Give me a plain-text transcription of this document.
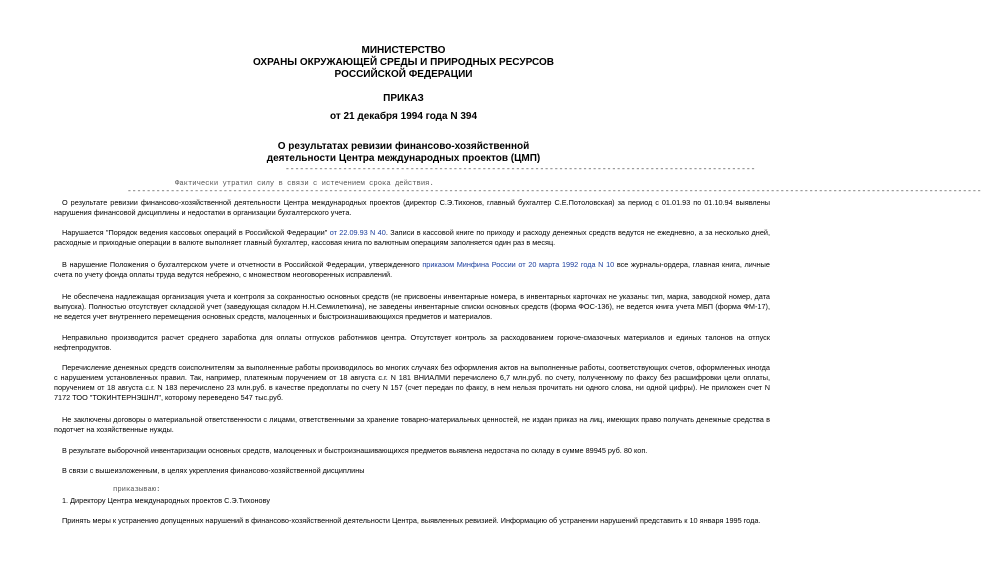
МИНИСТЕРСТВО
ОХРАНЫ ОКРУЖАЮЩЕЙ СРЕДЫ И ПРИРОДНЫХ РЕСУРСОВ
РОССИЙСКОЙ ФЕДЕРАЦИИ
ПРИКАЗ
от 21 декабря 1994 года N 394
О результатах ревизии финансово-хозяйственной
деятельности Центра международных проектов (ЦМП)
--------------------------------------------------------------------------------------------------
Фактически утратил силу в связи с истечением срока действия.
----------------------------------------------------------------------------------------------------------------------------------------------------------------------------------
О результате ревизии финансово-хозяйственной деятельности Центра международных проектов (директор С.Э.Тихонов, главный бухгалтер С.Е.Потоловская) за период с 01.01.93 по 01.10.94 выявлены нарушения финансовой дисциплины и недостатки в организации бухгалтерского учета.
Нарушается "Порядок ведения кассовых операций в Российской Федерации" от 22.09.93 N 40. Записи в кассовой книге по приходу и расходу денежных средств ведутся не ежедневно, а за несколько дней, расходные и приходные операции в валюте выполняет главный бухгалтер, кассовая книга по валютным операциям заполняется один раз в месяц.
В нарушение Положения о бухгалтерском учете и отчетности в Российской Федерации, утвержденного приказом Минфина России от 20 марта 1992 года N 10 все журналы-ордера, главная книга, личные счета по учету фонда оплаты труда ведутся небрежно, с множеством неоговоренных исправлений.
Не обеспечена надлежащая организация учета и контроля за сохранностью основных средств (не присвоены инвентарные номера, в инвентарных карточках не указаны: тип, марка, заводской номер, дата выпуска). Полностью отсутствует складской учет (заведующая складом Н.Н.Семилеткина), не заведены инвентарные списки основных средств (форма ФОС-136), не ведется книга учета МБП (форма ФМ-17), не ведется учет внутреннего перемещения основных средств, малоценных и быстроизнашивающихся предметов и материалов.
Неправильно производится расчет среднего заработка для оплаты отпусков работников центра. Отсутствует контроль за расходованием горюче-смазочных материалов и единых талонов на отпуск нефтепродуктов.
Перечисление денежных средств соисполнителям за выполненные работы производилось во многих случаях без оформления актов на выполненные работы, соответствующих счетов, оформленных иногда с нарушением установленных правил. Так, например, платежным поручением от 18 августа с.г. N 181 ВНИАЛМИ перечислено 6,7 млн.руб. по счету, полученному по факсу без расшифровки цели оплаты, поручением от 18 августа с.г. N 183 перечислено 23 млн.руб. в качестве предоплаты по счету N 157 (счет передан по факсу, в нем нельзя прочитать ни одного слова, ни одной цифры). Не приложен счет N 7172 ТОО "ТОКИНТЕРНЭШНЛ", которому переведено 547 тыс.руб.
Не заключены договоры о материальной ответственности с лицами, ответственными за хранение товарно-материальных ценностей, не издан приказ на лиц, имеющих право получать денежные средства в подотчет на хозяйственные нужды.
В результате выборочной инвентаризации основных средств, малоценных и быстроизнашивающихся предметов выявлена недостача по складу в сумме 89945 руб. 80 коп.
В связи с вышеизложенным, в целях укрепления финансово-хозяйственной дисциплины
приказываю:
1. Директору Центра международных проектов С.Э.Тихонову
Принять меры к устранению допущенных нарушений в финансово-хозяйственной деятельности Центра, выявленных ревизией. Информацию об устранении нарушений представить к 10 января 1995 года.
